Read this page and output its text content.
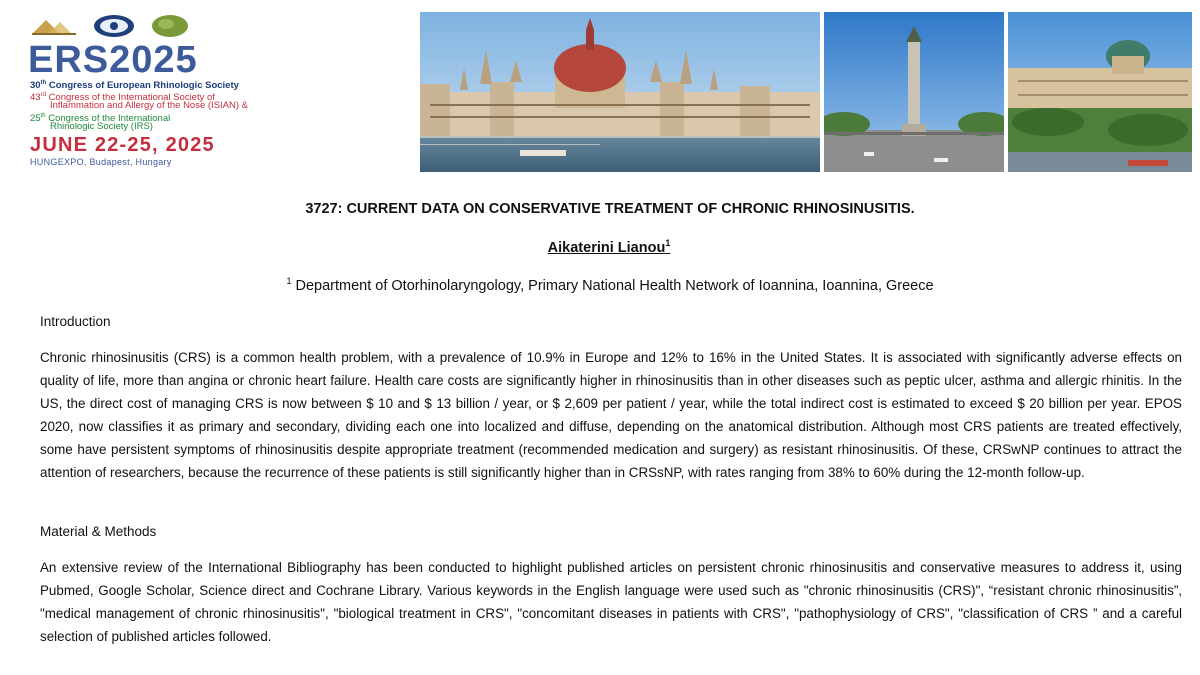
ERS2025

30th Congress of European Rhinologic Society

43rd Congress of the International Society of

Inflammation and Allergy of the Nose (ISIAN) &

25th Congress of the International

Rhinologic Society (IRS)

JUNE 22-25, 2025

HUNGEXPO, Budapest, Hungary

3727: CURRENT DATA ON CONSERVATIVE TREATMENT OF CHRONIC RHINOSINUSITIS.

Aikaterini Lianou$^1$

$^1$ Department of Otorhinolaryngology, Primary National Health Network of Ioannina, Ioannina, Greece

Introduction

Chronic rhinosinusitis (CRS) is a common health problem, with a prevalence of 10.9% in Europe and 12% to 16% in the United States. It is associated with significantly adverse effects on quality of life, more than angina or chronic heart failure. Health care costs are significantly higher in rhinosinusitis than in other diseases such as peptic ulcer, asthma and allergic rhinitis. In the US, the direct cost of managing CRS is now between $ 10 and $ 13 billion / year, or $ 2,609 per patient / year, while the total indirect cost is estimated to exceed $ 20 billion per year. EPOS 2020, now classifies it as primary and secondary, dividing each one into localized and diffuse, depending on the anatomical distribution. Although most CRS patients are treated effectively, some have persistent symptoms of rhinosinusitis despite appropriate treatment (recommended medication and surgery) as resistant rhinosinusitis. Of these, CRSwNP continues to attract the attention of researchers, because the recurrence of these patients is still significantly higher than in CRSsNP, with rates ranging from 38% to 60% during the 12-month follow-up.

Material & Methods

An extensive review of the International Bibliography has been conducted to highlight published articles on persistent chronic rhinosinusitis and conservative measures to address it, using Pubmed, Google Scholar, Science direct and Cochrane Library. Various keywords in the English language were used such as "chronic rhinosinusitis (CRS)", “resistant chronic rhinosinusitis”, "medical management of chronic rhinosinusitis", "biological treatment in CRS", "concomitant diseases in patients with CRS", "pathophysiology of CRS", "classification of CRS ” and a careful selection of published articles followed.
